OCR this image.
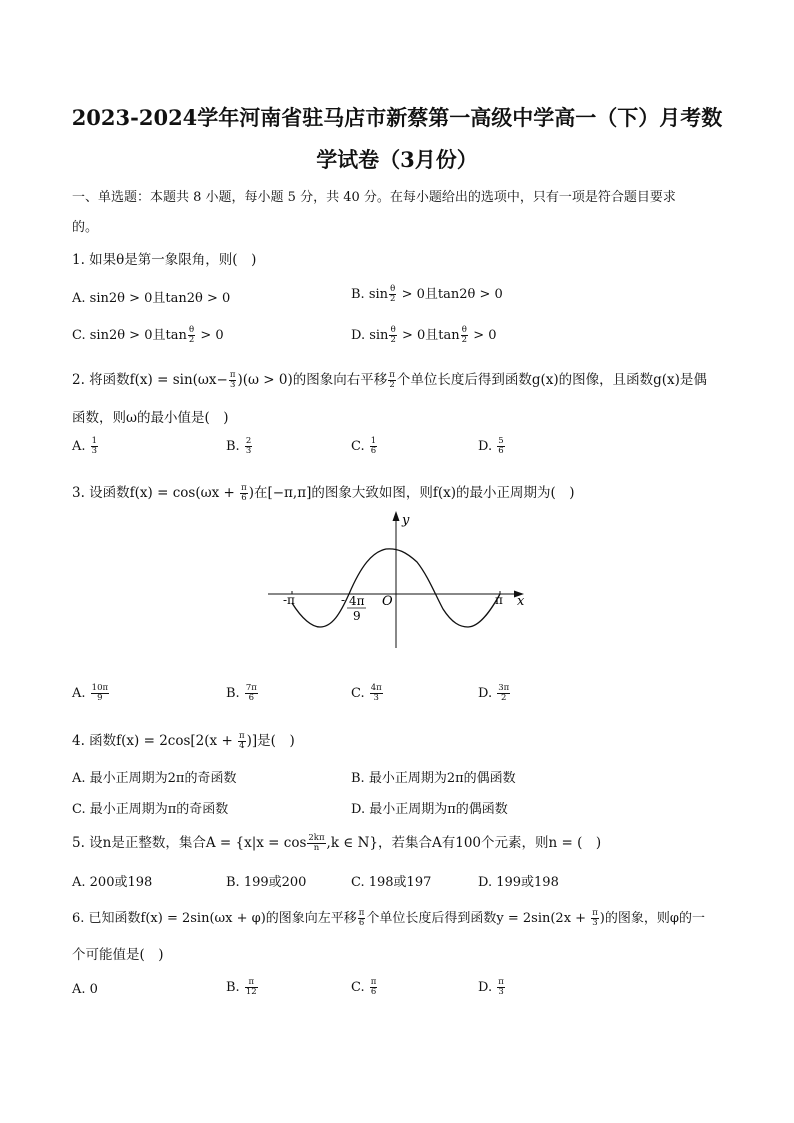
2023-2024学年河南省驻马店市新蔡第一高级中学高一（下）月考数
学试卷（3月份）
一、单选题：本题共 8 小题，每小题 5 分，共 40 分。在每小题给出的选项中，只有一项是符合题目要求
的。
1. 如果θ是第一象限角，则(　)
A. sin2θ > 0且tan2θ > 0	B. $\sin \frac{\theta}{2} > 0$且tan2θ > 0
C. sin2θ > 0且$\tan \frac{\theta}{2} > 0$	D. $\sin \frac{\theta}{2} > 0$且$\tan \frac{\theta}{2} > 0$
2. 将函数$f(x) = \sin(\omega x- \frac{\pi}{3} )(\omega > 0)$的图象向右平移 $\frac{\pi}{2}$ 个单位长度后得到函数g(x)的图像，且函数g(x)是偶
函数，则ω的最小值是(　)
A. $\frac{1}{3}$	B. $\frac{2}{3}$	C. $\frac{1}{6}$	D. $\frac{5}{6}$
3. 设函数$f(x) = \cos(\omega x + \frac{\pi}{6}$ )在[−π,π]的图象大致如图，则f(x)的最小正周期为(　)
y
x
O
-π	π
- 4π
9
A. $\frac{10\pi}{9}$	B. $\frac{7\pi}{6}$	C. $\frac{4\pi}{3}$	D. $\frac{3\pi}{2}$
4. 函数$f(x) = 2\cos[2(x + \frac{\pi}{4}$ )]是(　)
A. 最小正周期为2π的奇函数	B. 最小正周期为2π的偶函数
C. 最小正周期为π的奇函数	D. 最小正周期为π的偶函数
5. 设n是正整数，集合$A = \{x|x = \cos \frac{2k\pi}{n} ,k$ ∈ N}，若集合A有100个元素，则n = (　)
A. 200或198	B. 199或200	C. 198或197	D. 199或198
6. 已知函数f(x) = 2sin(ωx + φ)的图象向左平移 $\frac{\pi}{6}$ 个单位长度后得到函数$y = 2\sin(2x + \frac{\pi}{3}$ )的图象，则φ的一
个可能值是(　)
A. 0	B. $\frac{\pi}{12}$	C. $\frac{\pi}{6}$	D. $\frac{\pi}{3}$
